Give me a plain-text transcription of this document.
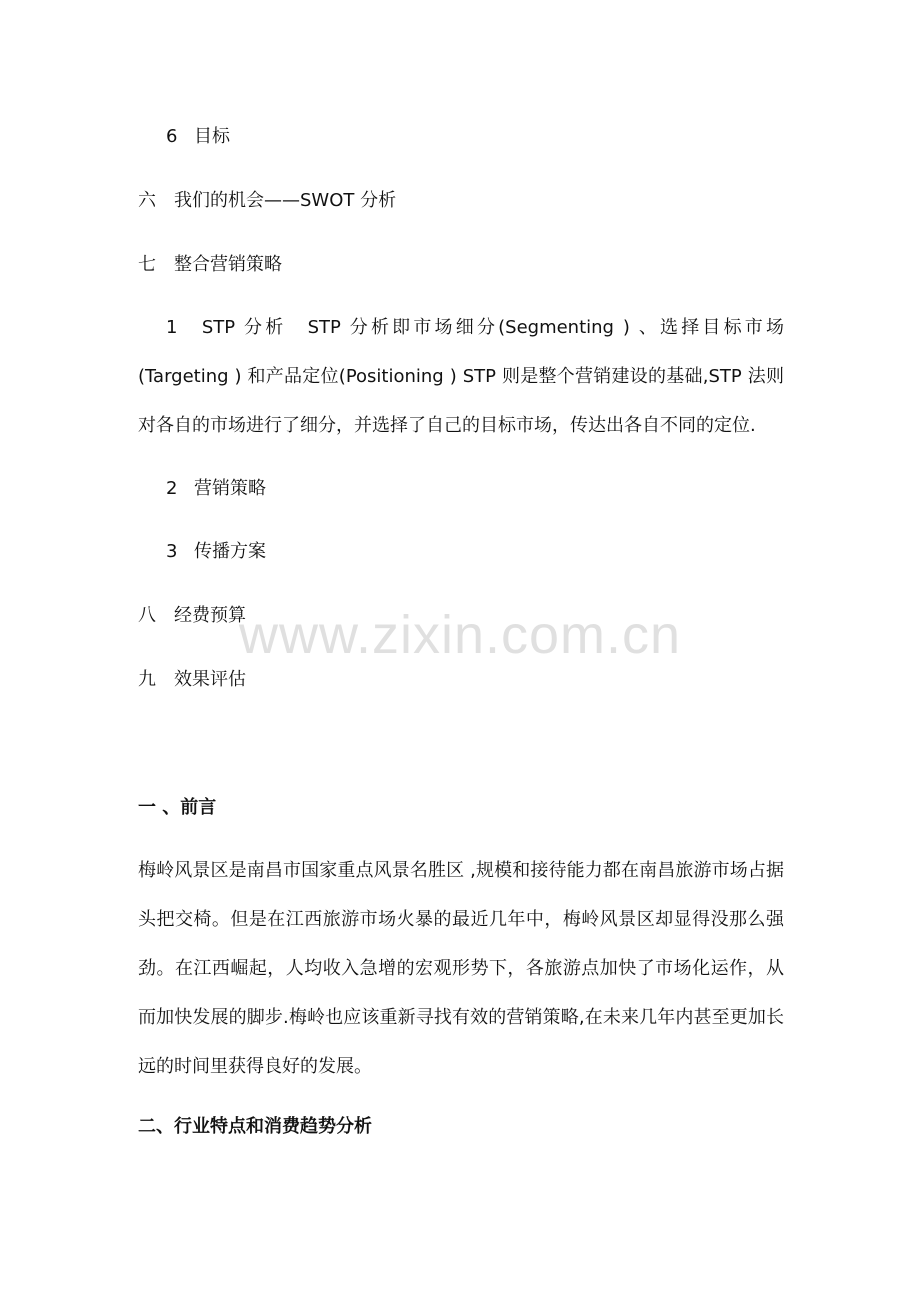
6 目标
六 我们的机会——SWOT 分析
七 整合营销策略
1　STP 分析　STP 分析即市场细分(Segmenting ) 、选择目标市场(Targeting ) 和产品定位(Positioning ) STP 则是整个营销建设的基础,STP 法则对各自的市场进行了细分，并选择了自己的目标市场，传达出各自不同的定位.
2 营销策略
3 传播方案
八 经费预算
九 效果评估
一 、前言
梅岭风景区是南昌市国家重点风景名胜区 ,规模和接待能力都在南昌旅游市场占据头把交椅。但是在江西旅游市场火暴的最近几年中，梅岭风景区却显得没那么强劲。在江西崛起，人均收入急增的宏观形势下，各旅游点加快了市场化运作，从而加快发展的脚步.梅岭也应该重新寻找有效的营销策略,在未来几年内甚至更加长远的时间里获得良好的发展。
二、行业特点和消费趋势分析
www.zixin.com.cn
